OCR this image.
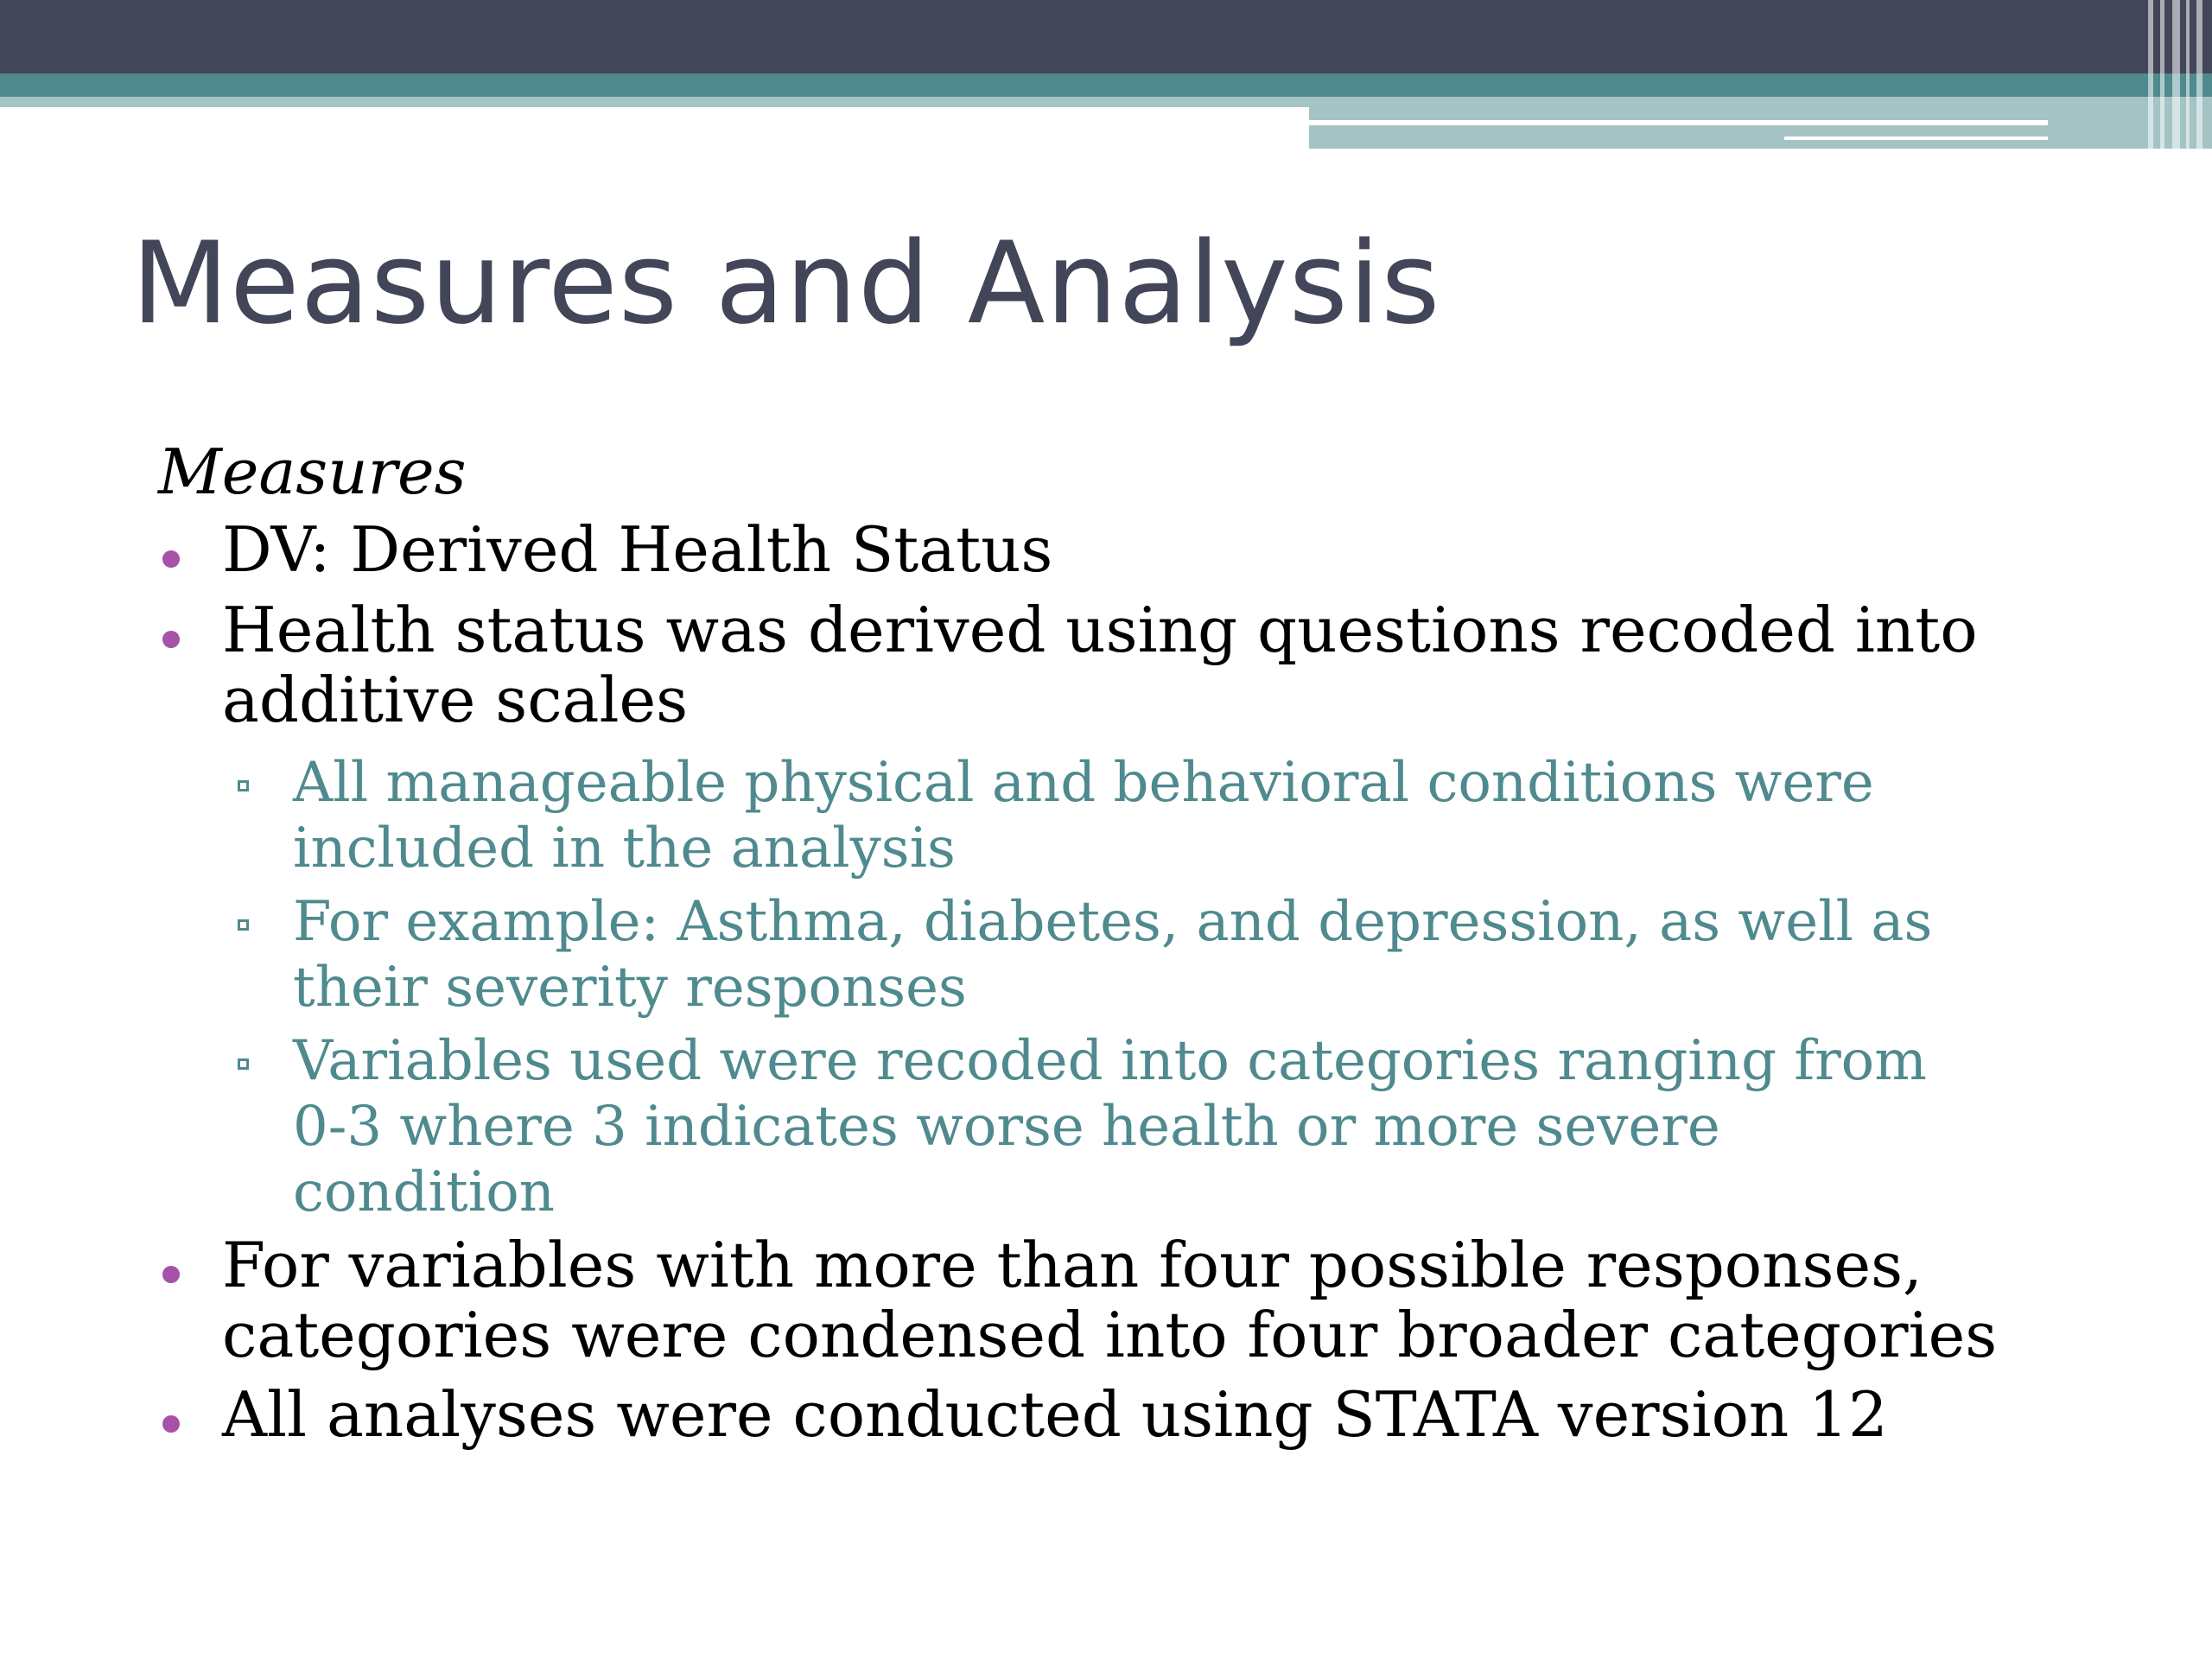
Measures and Analysis
Measures
DV: Derived Health Status
Health status was derived using questions recoded into
additive scales
All manageable physical and behavioral conditions were
included in the analysis
For example: Asthma, diabetes, and depression, as well as
their severity responses
Variables used were recoded into categories ranging from
0-3 where 3 indicates worse health or more severe
condition
For variables with more than four possible responses,
categories were condensed into four broader categories
All analyses were conducted using STATA version 12
